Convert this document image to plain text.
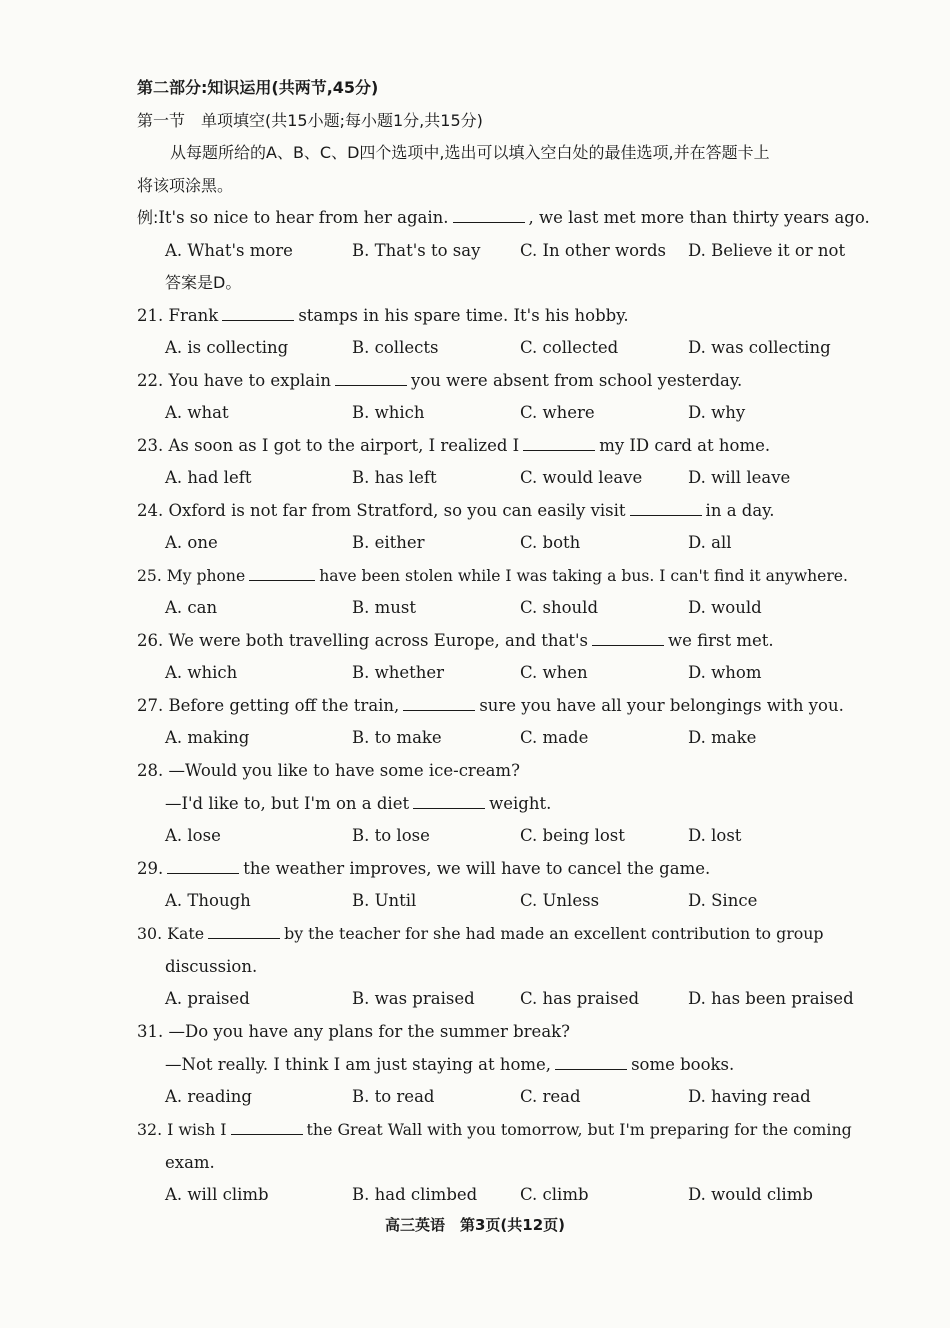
第二部分:知识运用(共两节,45分)
第一节　单项填空(共15小题;每小题1分,共15分)
从每题所给的A、B、C、D四个选项中,选出可以填入空白处的最佳选项,并在答题卡上
将该项涂黑。
例:It's so nice to hear from her again.	, we last met more than thirty years ago.
A. What's more	B. That's to say C. In other words D. Believe it or not
答案是D。
21. Frank	stamps in his spare time. It's his hobby.
A. is collecting	B. collects	C. collected	D. was collecting
22. You have to explain	you were absent from school yesterday.
A. what	B. which	C. where	D. why
23. As soon as I got to the airport, I realized I	my ID card at home.
A. had left	B. has left	C. would leave	D. will leave
24. Oxford is not far from Stratford, so you can easily visit	in a day.
A. one	B. either	C. both	D. all
25. My phone	have been stolen while I was taking a bus. I can't find it anywhere.
A. can	B. must	C. should	D. would
26. We were both travelling across Europe, and that's	we first met.
A. which	B. whether	C. when	D. whom
27. Before getting off the train,	sure you have all your belongings with you.
A. making	B. to make	C. made	D. make
28. —Would you like to have some ice-cream?
—I'd like to, but I'm on a diet	weight.
A. lose	B. to lose	C. being lost	D. lost
29.	the weather improves, we will have to cancel the game.
A. Though	B. Until	C. Unless	D. Since
30. Kate	by the teacher for she had made an excellent contribution to group
discussion.
A. praised	B. was praised	C. has praised	D. has been praised
31. —Do you have any plans for the summer break?
—Not really. I think I am just staying at home,	some books.
A. reading	B. to read	C. read	D. having read
32. I wish I	the Great Wall with you tomorrow, but I'm preparing for the coming
exam.
A. will climb	B. had climbed	C. climb	D. would climb
高三英语　第3页(共12页)
